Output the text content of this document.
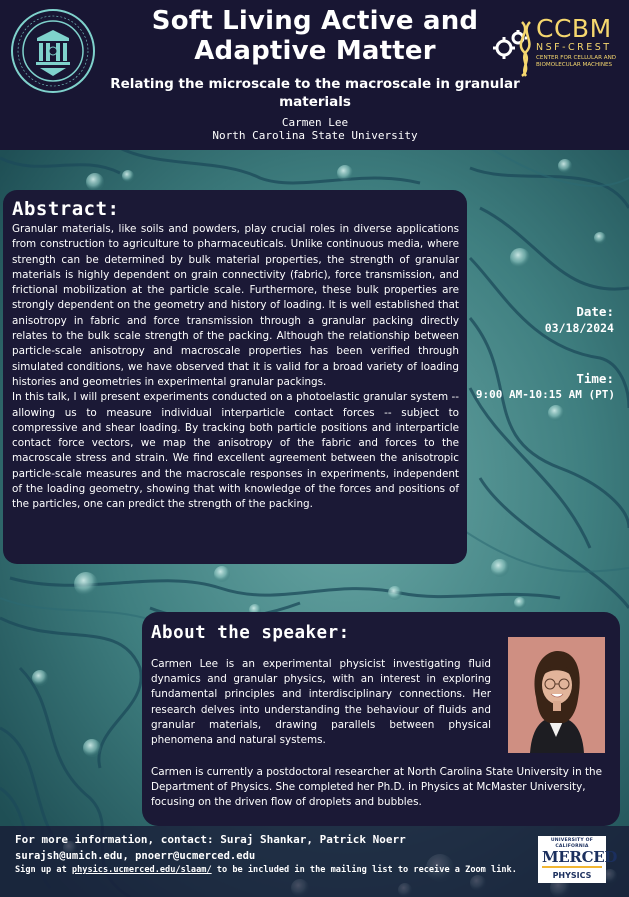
Soft Living Active and Adaptive Matter
Relating the microscale to the macroscale in granular materials

Carmen Lee

North Carolina State University

CCBM
NSF-CREST
CENTER FOR CELLULAR AND
BIOMOLECULAR MACHINES
Abstract:

Granular materials, like soils and powders, play crucial roles in diverse applications from construction to agriculture to pharmaceuticals. Unlike continuous media, where strength can be determined by bulk material properties, the strength of granular materials is highly dependent on grain connectivity (fabric), force transmission, and frictional mobilization at the particle scale. Furthermore, these bulk properties are strongly dependent on the geometry and history of loading. It is well established that anisotropy in fabric and force transmission through a granular packing directly relates to the bulk scale strength of the packing. Although the relationship between particle-scale anisotropy and macroscale properties has been verified through simulated conditions, we have observed that it is valid for a broad variety of loading histories and geometries in experimental granular packings.

In this talk, I will present experiments conducted on a photoelastic granular system -- allowing us to measure individual interparticle contact forces -- subject to compressive and shear loading. By tracking both particle positions and interparticle contact force vectors, we map the anisotropy of the fabric and forces to the macroscale stress and strain. We find excellent agreement between the anisotropic particle-scale measures and the macroscale responses in experiments, independent of the loading geometry, showing that with knowledge of the forces and positions of the particles, one can predict the strength of the packing.

Date:

03/18/2024

Time:

9:00 AM-10:15 AM (PT)

About the speaker:

Carmen Lee is an experimental physicist investigating fluid dynamics and granular physics, with an interest in exploring fundamental principles and interdisciplinary connections. Her research delves into understanding the behaviour of fluids and granular materials, drawing parallels between physical phenomena and natural systems.

Carmen is currently a postdoctoral researcher at North Carolina State University in the Department of Physics. She completed her Ph.D. in Physics at McMaster University, focusing on the driven flow of droplets and bubbles.

For more information, contact: Suraj Shankar, Patrick Noerr

surajsh@umich.edu, pnoerr@ucmerced.edu

Sign up at physics.ucmerced.edu/slaam/ to be included in the mailing list to receive a Zoom link.

UNIVERSITY OF CALIFORNIA
MERCED
PHYSICS
